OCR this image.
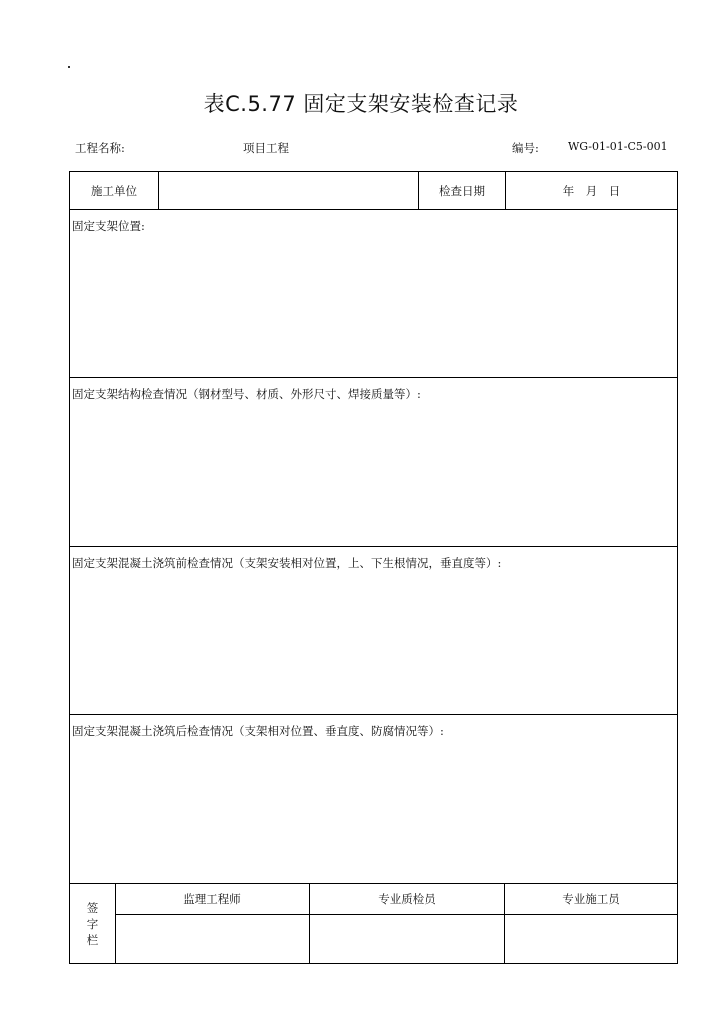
表C.5.77 固定支架安装检查记录
工程名称:	项目工程	编号:	WG-01-01-C5-001
施工单位	检查日期	年　月　日
固定支架位置:
固定支架结构检查情况（钢材型号、材质、外形尺寸、焊接质量等）:
固定支架混凝土浇筑前检查情况（支架安装相对位置，上、下生根情况，垂直度等）:
固定支架混凝土浇筑后检查情况（支架相对位置、垂直度、防腐情况等）:
签
字
栏
监理工程师	专业质检员	专业施工员
